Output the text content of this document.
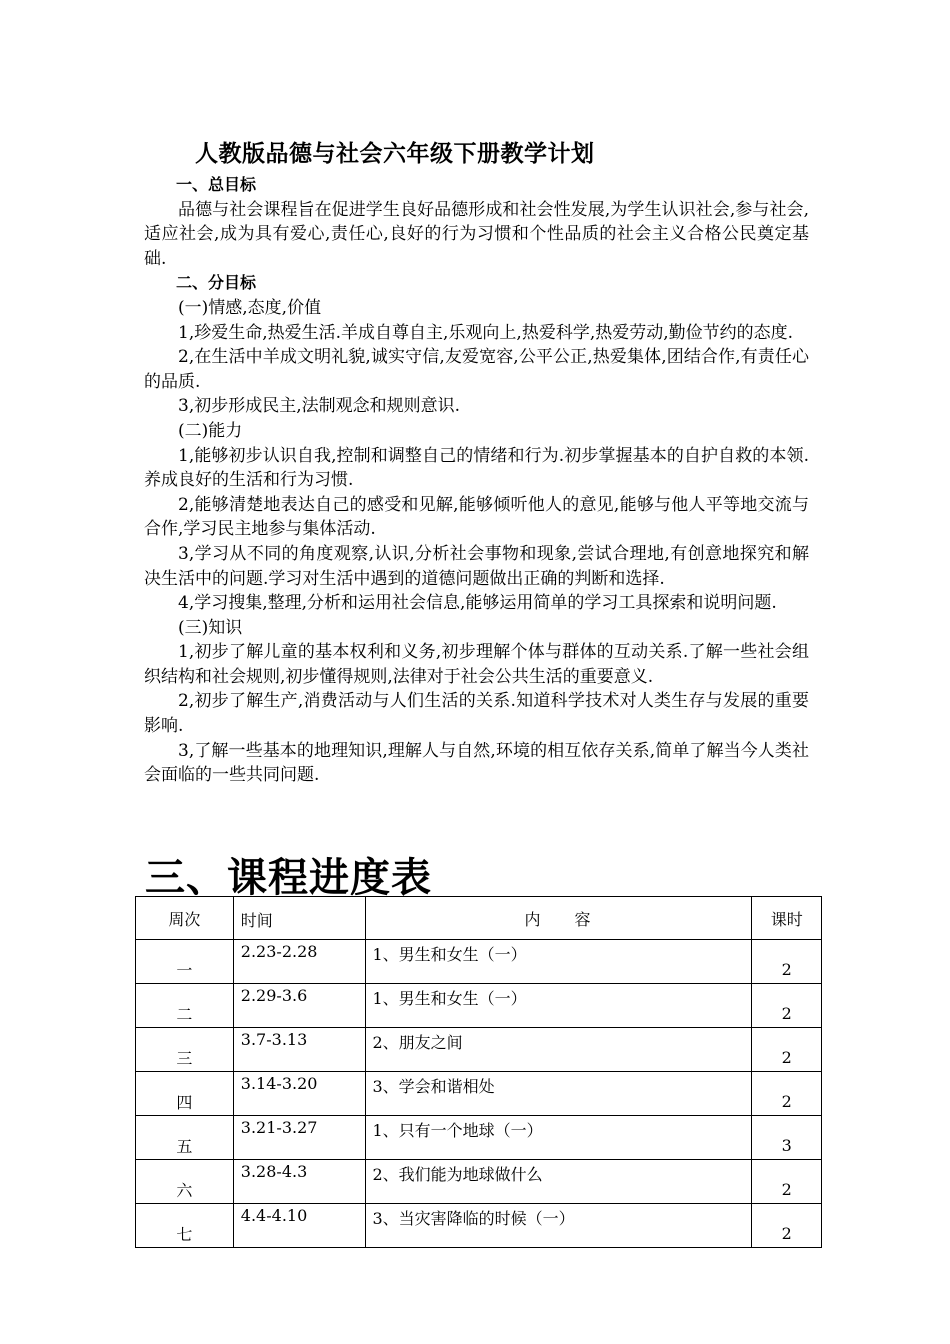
人教版品德与社会六年级下册教学计划

一、总目标

品德与社会课程旨在促进学生良好品德形成和社会性发展,为学生认识社会,参与社会,适应社会,成为具有爱心,责任心,良好的行为习惯和个性品质的社会主义合格公民奠定基础.

二、分目标

(一)情感,态度,价值

1,珍爱生命,热爱生活.羊成自尊自主,乐观向上,热爱科学,热爱劳动,勤俭节约的态度.

2,在生活中羊成文明礼貌,诚实守信,友爱宽容,公平公正,热爱集体,团结合作,有责任心的品质.

3,初步形成民主,法制观念和规则意识.

(二)能力

1,能够初步认识自我,控制和调整自己的情绪和行为.初步掌握基本的自护自救的本领.养成良好的生活和行为习惯.

2,能够清楚地表达自己的感受和见解,能够倾听他人的意见,能够与他人平等地交流与合作,学习民主地参与集体活动.

3,学习从不同的角度观察,认识,分析社会事物和现象,尝试合理地,有创意地探究和解决生活中的问题.学习对生活中遇到的道德问题做出正确的判断和选择.

4,学习搜集,整理,分析和运用社会信息,能够运用简单的学习工具探索和说明问题.

(三)知识

1,初步了解儿童的基本权利和义务,初步理解个体与群体的互动关系.了解一些社会组织结构和社会规则,初步懂得规则,法律对于社会公共生活的重要意义.

2,初步了解生产,消费活动与人们生活的关系.知道科学技术对人类生存与发展的重要影响.

3,了解一些基本的地理知识,理解人与自然,环境的相互依存关系,简单了解当今人类社会面临的一些共同问题.

三、课程进度表
周次	时间	内 容	课时
一	2.23-2.28	1、男生和女生（一）	2
二	2.29-3.6	1、男生和女生（一）	2
三	3.7-3.13	2、朋友之间	2
四	3.14-3.20	3、学会和谐相处	2
五	3.21-3.27	1、只有一个地球（一）	3
六	3.28-4.3	2、我们能为地球做什么	2
七	4.4-4.10	3、当灾害降临的时候（一）	2
